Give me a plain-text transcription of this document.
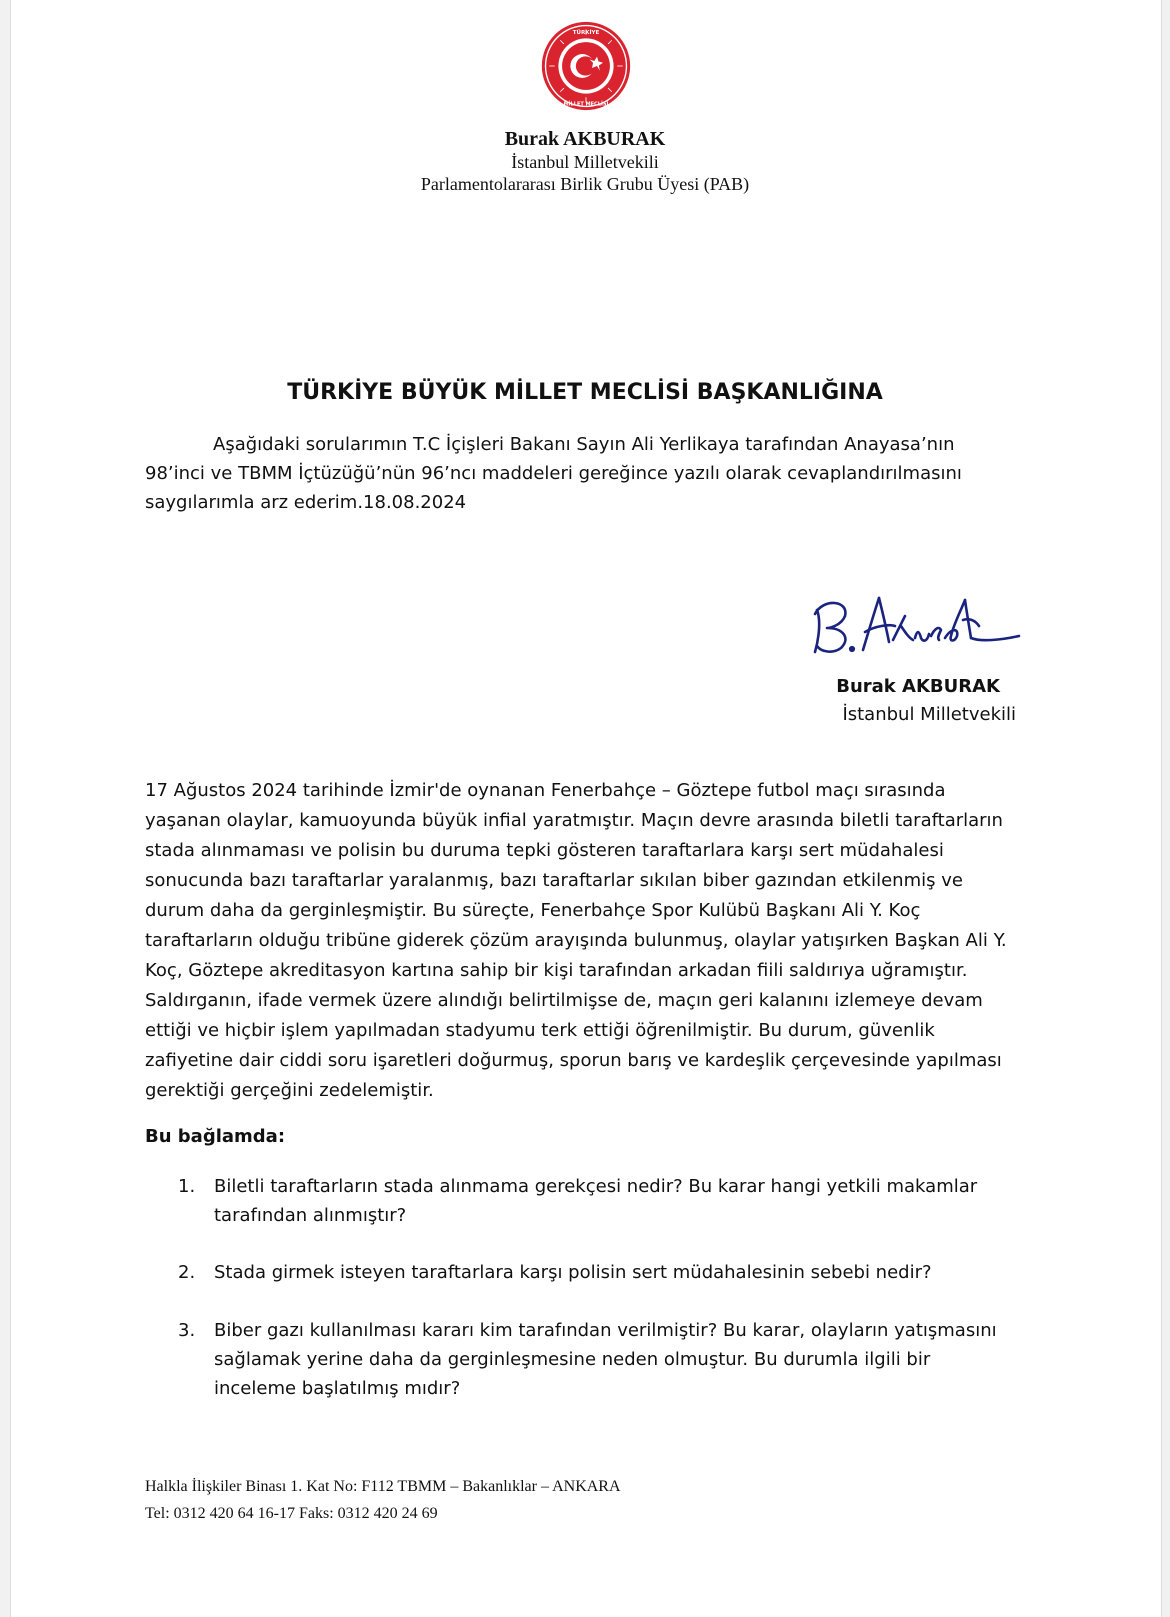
TÜRKİYE
MİLLET MECLİSİ
Burak AKBURAK
İstanbul Milletvekili
Parlamentolararası Birlik Grubu Üyesi (PAB)
TÜRKİYE BÜYÜK MİLLET MECLİSİ BAŞKANLIĞINA
Aşağıdaki sorularımın T.C İçişleri Bakanı Sayın Ali Yerlikaya tarafından Anayasa’nın
98’inci ve TBMM İçtüzüğü’nün 96’ncı maddeleri gereğince yazılı olarak cevaplandırılmasını saygılarımla arz ederim.18.08.2024
Burak AKBURAK
İstanbul Milletvekili
17 Ağustos 2024 tarihinde İzmir'de oynanan Fenerbahçe – Göztepe futbol maçı sırasında yaşanan olaylar, kamuoyunda büyük infial yaratmıştır. Maçın devre arasında biletli taraftarların stada alınmaması ve polisin bu duruma tepki gösteren taraftarlara karşı sert müdahalesi sonucunda bazı taraftarlar yaralanmış, bazı taraftarlar sıkılan biber gazından etkilenmiş ve durum daha da gerginleşmiştir. Bu süreçte, Fenerbahçe Spor Kulübü Başkanı Ali Y. Koç taraftarların olduğu tribüne giderek çözüm arayışında bulunmuş, olaylar yatışırken Başkan Ali Y. Koç, Göztepe akreditasyon kartına sahip bir kişi tarafından arkadan fiili saldırıya uğramıştır. Saldırganın, ifade vermek üzere alındığı belirtilmişse de, maçın geri kalanını izlemeye devam ettiği ve hiçbir işlem yapılmadan stadyumu terk ettiği öğrenilmiştir. Bu durum, güvenlik zafiyetine dair ciddi soru işaretleri doğurmuş, sporun barış ve kardeşlik çerçevesinde yapılması gerektiği gerçeğini zedelemiştir.
Bu bağlamda:
1.	Biletli taraftarların stada alınmama gerekçesi nedir? Bu karar hangi yetkili makamlar tarafından alınmıştır?
2.	Stada girmek isteyen taraftarlara karşı polisin sert müdahalesinin sebebi nedir?
3.	Biber gazı kullanılması kararı kim tarafından verilmiştir? Bu karar, olayların yatışmasını sağlamak yerine daha da gerginleşmesine neden olmuştur. Bu durumla ilgili bir inceleme başlatılmış mıdır?
Halkla İlişkiler Binası 1. Kat No: F112 TBMM – Bakanlıklar – ANKARA
Tel: 0312 420 64 16-17 Faks: 0312 420 24 69
